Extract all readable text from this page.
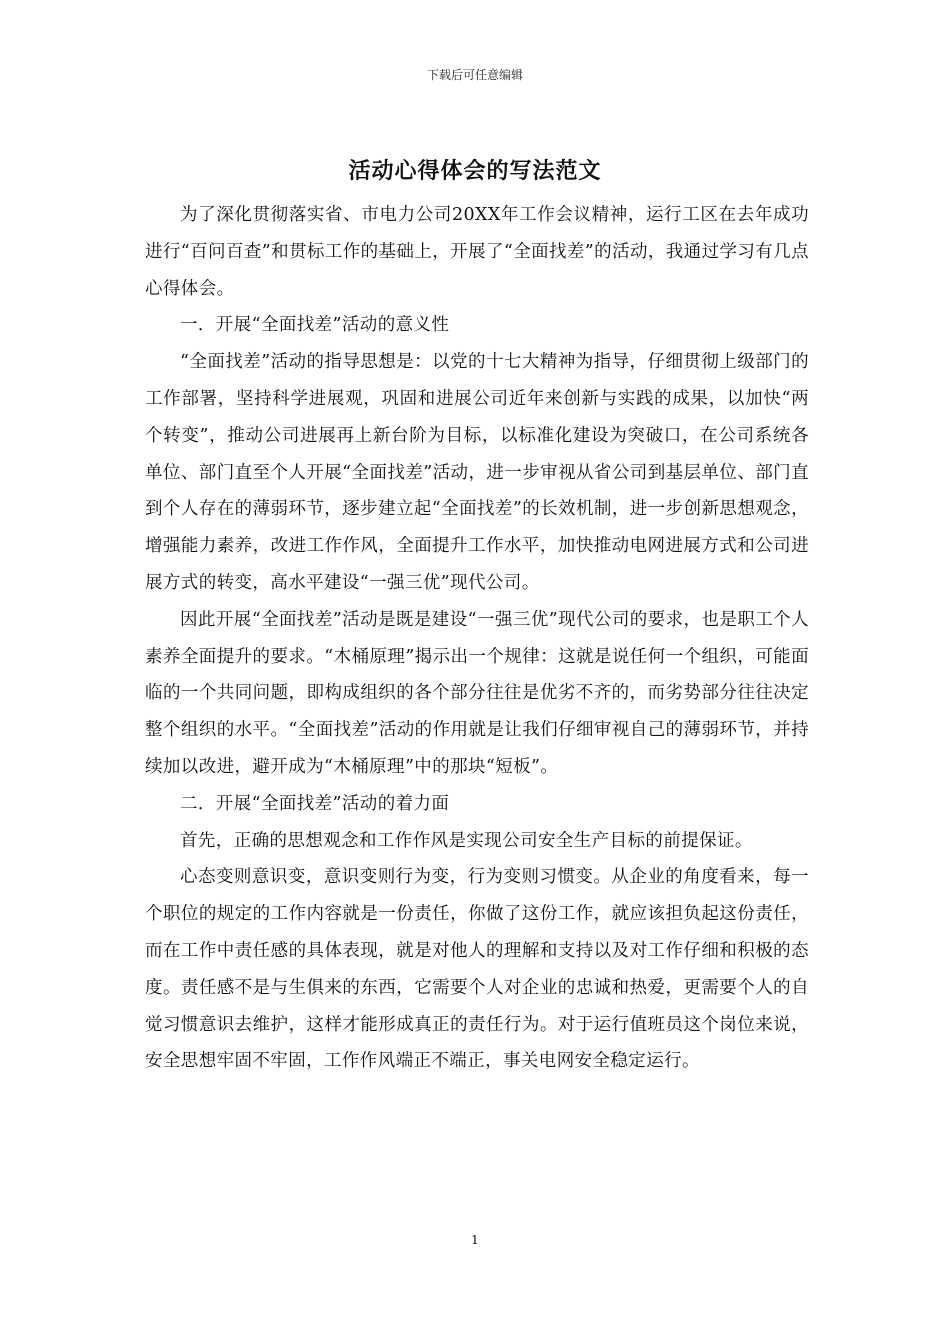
下载后可任意编辑
活动心得体会的写法范文

为了深化贯彻落实省、市电力公司20XX年工作会议精神，运行工区在去年成功进行“百问百查”和贯标工作的基础上，开展了“全面找差”的活动，我通过学习有几点心得体会。

一．开展“全面找差”活动的意义性

“全面找差”活动的指导思想是：以党的十七大精神为指导，仔细贯彻上级部门的工作部署，坚持科学进展观，巩固和进展公司近年来创新与实践的成果，以加快“两个转变”，推动公司进展再上新台阶为目标，以标准化建设为突破口，在公司系统各单位、部门直至个人开展“全面找差”活动，进一步审视从省公司到基层单位、部门直到个人存在的薄弱环节，逐步建立起“全面找差”的长效机制，进一步创新思想观念，增强能力素养，改进工作作风，全面提升工作水平，加快推动电网进展方式和公司进展方式的转变，高水平建设“一强三优”现代公司。

因此开展“全面找差”活动是既是建设“一强三优”现代公司的要求，也是职工个人素养全面提升的要求。“木桶原理”揭示出一个规律：这就是说任何一个组织，可能面临的一个共同问题，即构成组织的各个部分往往是优劣不齐的，而劣势部分往往决定整个组织的水平。“全面找差”活动的作用就是让我们仔细审视自己的薄弱环节，并持续加以改进，避开成为“木桶原理”中的那块“短板”。

二．开展“全面找差”活动的着力面

首先，正确的思想观念和工作作风是实现公司安全生产目标的前提保证。

心态变则意识变，意识变则行为变，行为变则习惯变。从企业的角度看来，每一个职位的规定的工作内容就是一份责任，你做了这份工作，就应该担负起这份责任，而在工作中责任感的具体表现，就是对他人的理解和支持以及对工作仔细和积极的态度。责任感不是与生俱来的东西，它需要个人对企业的忠诚和热爱，更需要个人的自觉习惯意识去维护，这样才能形成真正的责任行为。对于运行值班员这个岗位来说，安全思想牢固不牢固，工作作风端正不端正，事关电网安全稳定运行。

1
